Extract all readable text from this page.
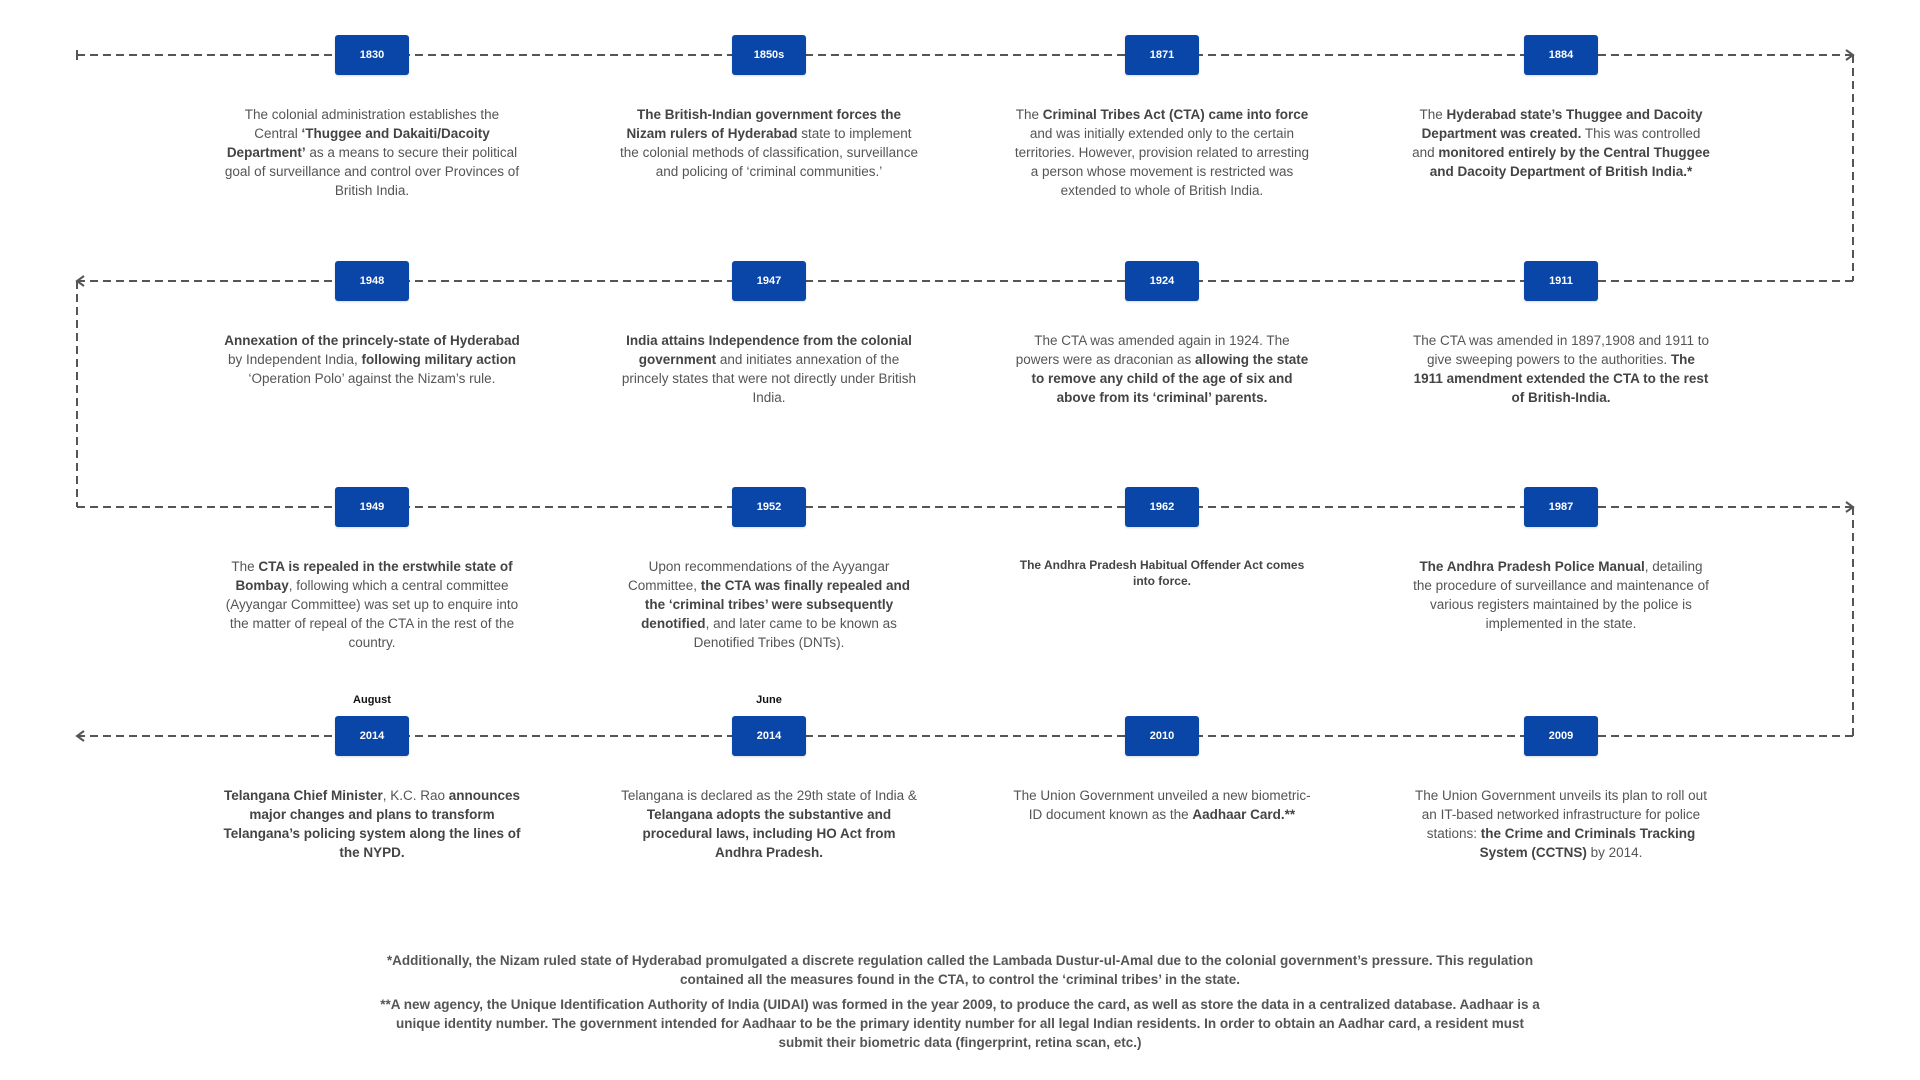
1830
The colonial administration establishes the Central ‘Thuggee and Dakaiti/Dacoity Department’ as a means to secure their political goal of surveillance and control over Provinces of British India.
1850s
The British-Indian government forces the Nizam rulers of Hyderabad state to implement the colonial methods of classification, surveillance and policing of ‘criminal communities.’
1871
The Criminal Tribes Act (CTA) came into force and was initially extended only to the certain territories. However, provision related to arresting a person whose movement is restricted was extended to whole of British India.
1884
The Hyderabad state’s Thuggee and Dacoity Department was created. This was controlled and monitored entirely by the Central Thuggee and Dacoity Department of British India.*
1948
Annexation of the princely-state of Hyderabad by Independent India, following military action ‘Operation Polo’ against the Nizam’s rule.
1947
India attains Independence from the colonial government and initiates annexation of the princely states that were not directly under British India.
1924
The CTA was amended again in 1924. The powers were as draconian as allowing the state to remove any child of the age of six and above from its ‘criminal’ parents.
1911
The CTA was amended in 1897,1908 and 1911 to give sweeping powers to the authorities. The 1911 amendment extended the CTA to the rest of British-India.
1949
The CTA is repealed in the erstwhile state of Bombay, following which a central committee (Ayyangar Committee) was set up to enquire into the matter of repeal of the CTA in the rest of the country.
1952
Upon recommendations of the Ayyangar Committee, the CTA was finally repealed and the ‘criminal tribes’ were subsequently denotified, and later came to be known as Denotified Tribes (DNTs).
1962
The Andhra Pradesh Habitual Offender Act comes into force.
1987
The Andhra Pradesh Police Manual, detailing the procedure of surveillance and maintenance of various registers maintained by the police is implemented in the state.
August
2014
Telangana Chief Minister, K.C. Rao announces major changes and plans to transform Telangana’s policing system along the lines of the NYPD.
June
2014
Telangana is declared as the 29th state of India & Telangana adopts the substantive and procedural laws, including HO Act from Andhra Pradesh.
2010
The Union Government unveiled a new biometric-ID document known as the Aadhaar Card.**
2009
The Union Government unveils its plan to roll out an IT-based networked infrastructure for police stations: the Crime and Criminals Tracking System (CCTNS) by 2014.

*Additionally, the Nizam ruled state of Hyderabad promulgated a discrete regulation called the Lambada Dustur-ul-Amal due to the colonial government’s pressure. This regulation contained all the measures found in the CTA, to control the ‘criminal tribes’ in the state.

**A new agency, the Unique Identification Authority of India (UIDAI) was formed in the year 2009, to produce the card, as well as store the data in a centralized database. Aadhaar is a unique identity number. The government intended for Aadhaar to be the primary identity number for all legal Indian residents. In order to obtain an Aadhar card, a resident must submit their biometric data (fingerprint, retina scan, etc.)
